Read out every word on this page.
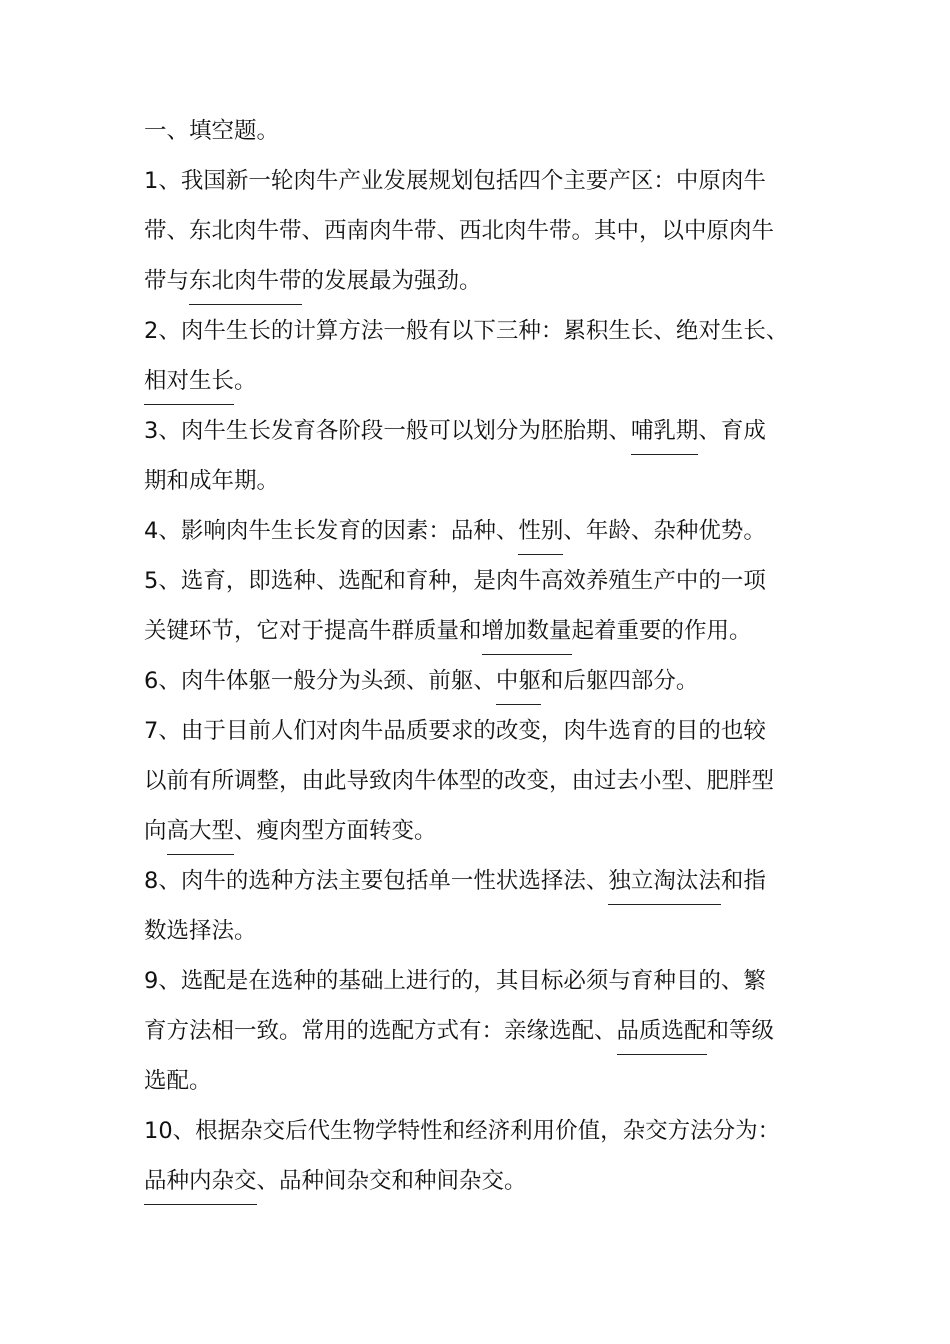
一、填空题。
1、我国新一轮肉牛产业发展规划包括四个主要产区：中原肉牛
带、东北肉牛带、西南肉牛带、西北肉牛带。其中，以中原肉牛
带与东北肉牛带的发展最为强劲。
2、肉牛生长的计算方法一般有以下三种：累积生长、绝对生长、
相对生长。
3、肉牛生长发育各阶段一般可以划分为胚胎期、哺乳期、育成
期和成年期。
4、影响肉牛生长发育的因素：品种、性别、年龄、杂种优势。
5、选育，即选种、选配和育种，是肉牛高效养殖生产中的一项
关键环节，它对于提高牛群质量和增加数量起着重要的作用。
6、肉牛体躯一般分为头颈、前躯、中躯和后躯四部分。
7、由于目前人们对肉牛品质要求的改变，肉牛选育的目的也较
以前有所调整，由此导致肉牛体型的改变，由过去小型、肥胖型
向高大型、瘦肉型方面转变。
8、肉牛的选种方法主要包括单一性状选择法、独立淘汰法和指
数选择法。
9、选配是在选种的基础上进行的，其目标必须与育种目的、繁
育方法相一致。常用的选配方式有：亲缘选配、品质选配和等级
选配。
10、根据杂交后代生物学特性和经济利用价值，杂交方法分为：
品种内杂交、品种间杂交和种间杂交。
